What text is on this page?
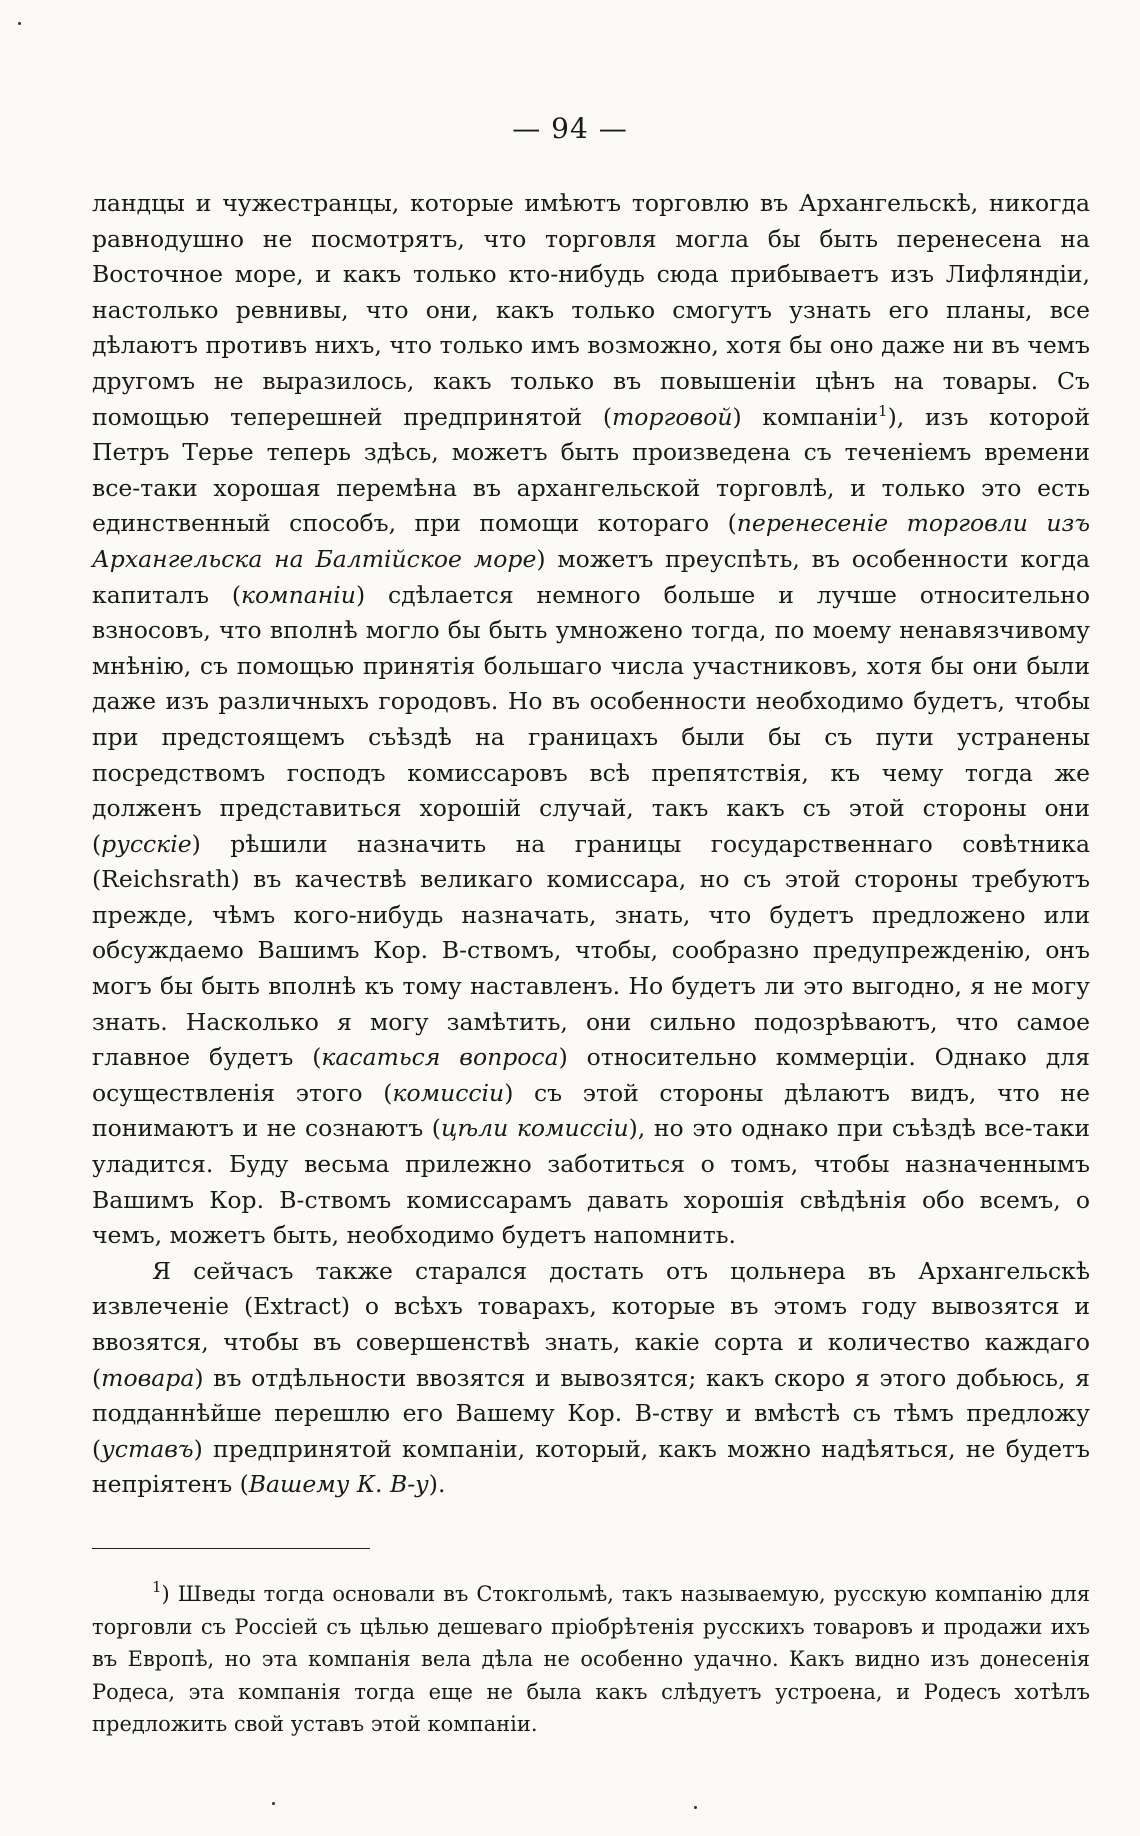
— 94 —

ландцы и чужестранцы, которые имѣютъ торговлю въ Архангельскѣ, никогда равнодушно не посмотрятъ, что торговля могла бы быть перенесена на Восточное море, и какъ только кто-нибудь сюда прибываетъ изъ Лифляндіи, настолько ревнивы, что они, какъ только смогутъ узнать его планы, все дѣлаютъ противъ нихъ, что только имъ возможно, хотя бы оно даже ни въ чемъ другомъ не выразилось, какъ только въ повышеніи цѣнъ на товары. Съ помощью теперешней предпринятой (торговой) компаніи$^1$), изъ которой Петръ Терье теперь здѣсь, можетъ быть произведена съ теченіемъ времени все-таки хорошая перемѣна въ архангельской торговлѣ, и только это есть единственный способъ, при помощи котораго (перенесеніе торговли изъ Архангельска на Балтійское море) можетъ преуспѣть, въ особенности когда капиталъ (компаніи) сдѣлается немного больше и лучше относительно взносовъ, что вполнѣ могло бы быть умножено тогда, по моему ненавязчивому мнѣнію, съ помощью принятія большаго числа участниковъ, хотя бы они были даже изъ различныхъ городовъ. Но въ особенности необходимо будетъ, чтобы при предстоящемъ съѣздѣ на границахъ были бы съ пути устранены посредствомъ господъ комиссаровъ всѣ препятствія, къ чему тогда же долженъ представиться хорошій случай, такъ какъ съ этой стороны они (русскіе) рѣшили назначить на границы государственнаго совѣтника (Reichsrath) въ качествѣ великаго комиссара, но съ этой стороны требуютъ прежде, чѣмъ кого-нибудь назначать, знать, что будетъ предложено или обсуждаемо Вашимъ Кор. В-ствомъ, чтобы, сообразно предупрежденію, онъ могъ бы быть вполнѣ къ тому наставленъ. Но будетъ ли это выгодно, я не могу знать. Насколько я могу замѣтить, они сильно подозрѣваютъ, что самое главное будетъ (касаться вопроса) относительно коммерціи. Однако для осуществленія этого (комиссіи) съ этой стороны дѣлаютъ видъ, что не понимаютъ и не сознаютъ (цѣли комиссіи), но это однако при съѣздѣ все-таки уладится. Буду весьма прилежно заботиться о томъ, чтобы назначеннымъ Вашимъ Кор. В-ствомъ комиссарамъ давать хорошія свѣдѣнія обо всемъ, о чемъ, можетъ быть, необходимо будетъ напомнить.

Я сейчасъ также старался достать отъ цольнера въ Архангельскѣ извлеченіе (Extract) о всѣхъ товарахъ, которые въ этомъ году вывозятся и ввозятся, чтобы въ совершенствѣ знать, какіе сорта и количество каждаго (товара) въ отдѣльности ввозятся и вывозятся; какъ скоро я этого добьюсь, я подданнѣйше перешлю его Вашему Кор. В-ству и вмѣстѣ съ тѣмъ предложу (уставъ) предпринятой компаніи, который, какъ можно надѣяться, не будетъ непріятенъ (Вашему К. В-у).

$^1$) Шведы тогда основали въ Стокгольмѣ, такъ называемую, русскую компанію для торговли съ Россіей съ цѣлью дешеваго пріобрѣтенія русскихъ товаровъ и продажи ихъ въ Европѣ, но эта компанія вела дѣла не особенно удачно. Какъ видно изъ донесенія Родеса, эта компанія тогда еще не была какъ слѣдуетъ устроена, и Родесъ хотѣлъ предложить свой уставъ этой компаніи.
